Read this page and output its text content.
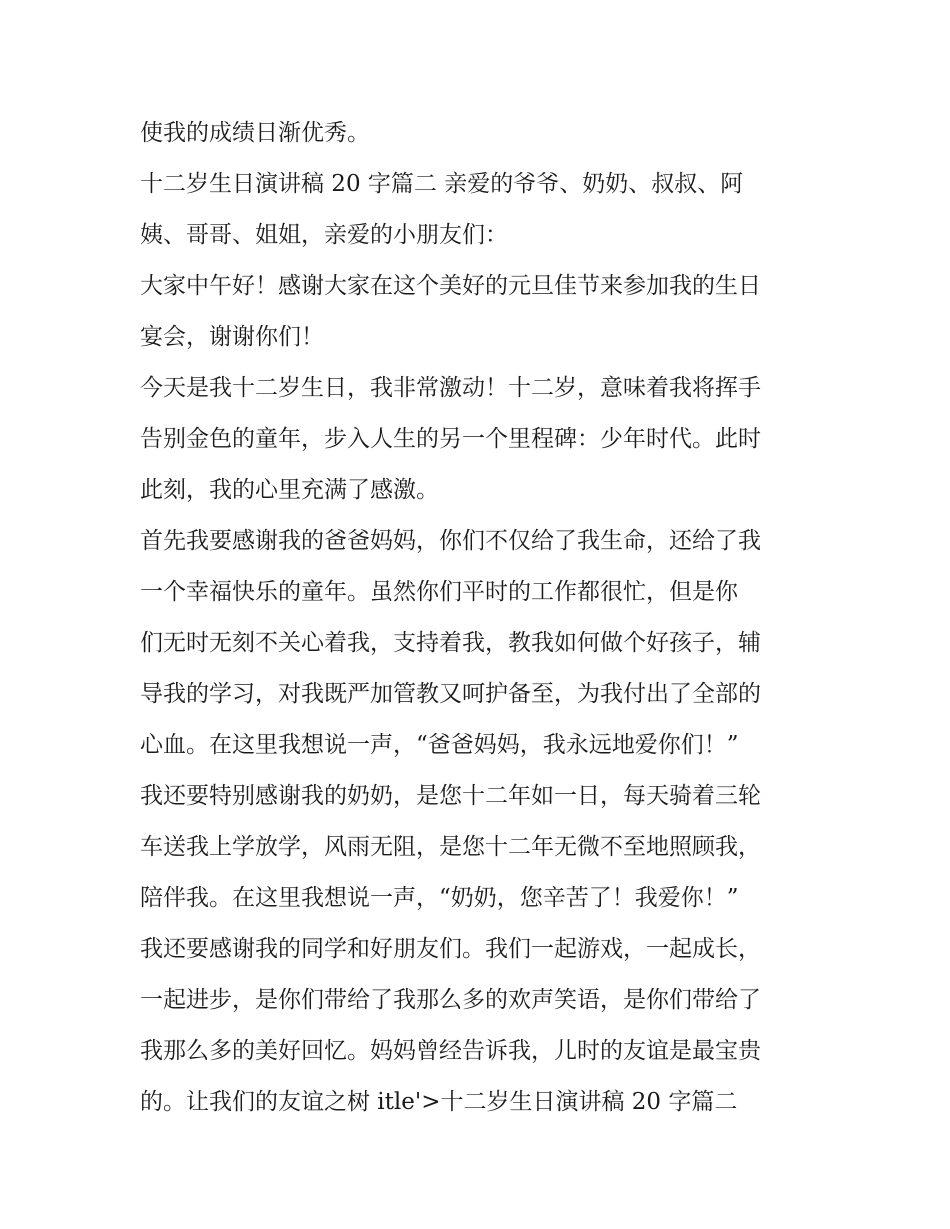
使我的成绩日渐优秀。
十二岁生日演讲稿 20 字篇二 亲爱的爷爷、奶奶、叔叔、阿
姨、哥哥、姐姐，亲爱的小朋友们：
大家中午好！感谢大家在这个美好的元旦佳节来参加我的生日
宴会，谢谢你们！
今天是我十二岁生日，我非常激动！十二岁，意味着我将挥手
告别金色的童年，步入人生的另一个里程碑：少年时代。此时
此刻，我的心里充满了感激。
首先我要感谢我的爸爸妈妈，你们不仅给了我生命，还给了我
一个幸福快乐的童年。虽然你们平时的工作都很忙，但是你
们无时无刻不关心着我，支持着我，教我如何做个好孩子，辅
导我的学习，对我既严加管教又呵护备至，为我付出了全部的
心血。在这里我想说一声，“爸爸妈妈，我永远地爱你们！”
我还要特别感谢我的奶奶，是您十二年如一日，每天骑着三轮
车送我上学放学，风雨无阻，是您十二年无微不至地照顾我，
陪伴我。在这里我想说一声，“奶奶，您辛苦了！我爱你！”
我还要感谢我的同学和好朋友们。我们一起游戏，一起成长，
一起进步，是你们带给了我那么多的欢声笑语，是你们带给了
我那么多的美好回忆。妈妈曾经告诉我，儿时的友谊是最宝贵
的。让我们的友谊之树 itle'>十二岁生日演讲稿 20 字篇二
